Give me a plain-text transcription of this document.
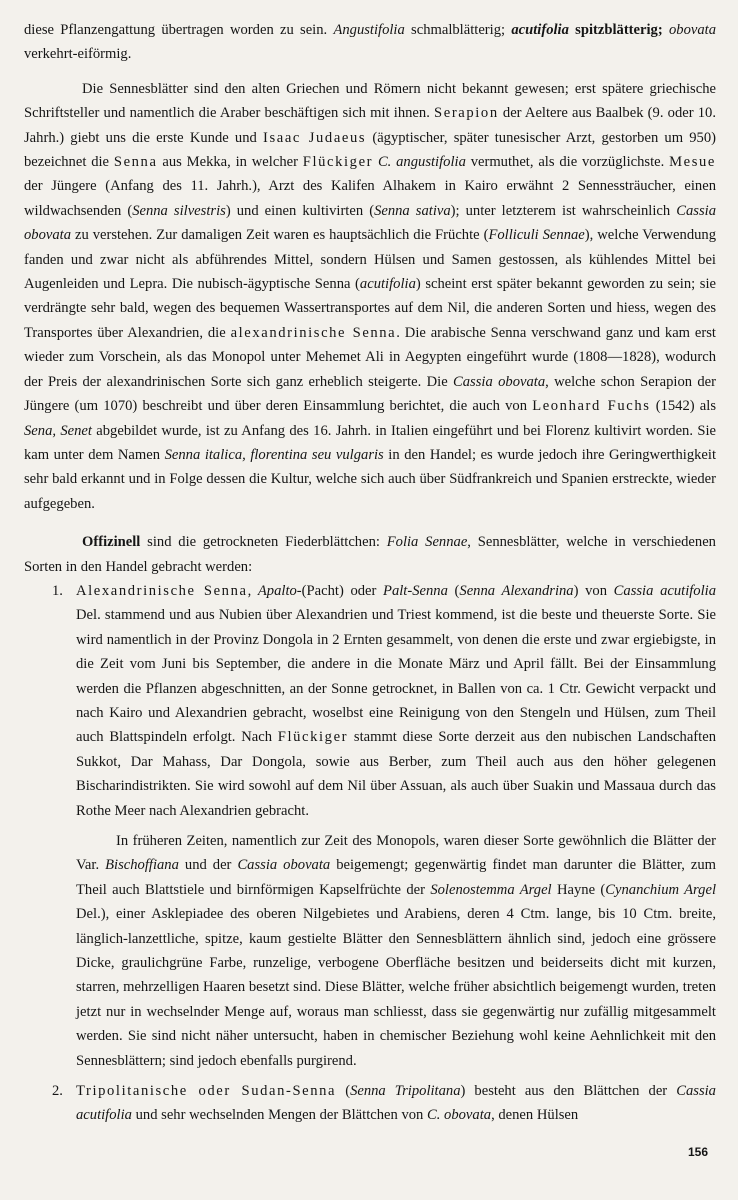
diese Pflanzengattung übertragen worden zu sein. Angustifolia schmalblätterig; acutifolia spitzblätterig; obovata verkehrt-eiförmig.

Die Sennesblätter sind den alten Griechen und Römern nicht bekannt gewesen; erst spätere griechische Schriftsteller und namentlich die Araber beschäftigen sich mit ihnen. Serapion der Aeltere aus Baalbek (9. oder 10. Jahrh.) giebt uns die erste Kunde und Isaac Judaeus (ägyptischer, später tunesischer Arzt, gestorben um 950) bezeichnet die Senna aus Mekka, in welcher Flückiger C. angustifolia vermuthet, als die vorzüglichste. Mesue der Jüngere (Anfang des 11. Jahrh.), Arzt des Kalifen Alhakem in Kairo erwähnt 2 Sennessträucher, einen wildwachsenden (Senna silvestris) und einen kultivirten (Senna sativa); unter letzterem ist wahrscheinlich Cassia obovata zu verstehen. Zur damaligen Zeit waren es hauptsächlich die Früchte (Folliculi Sennae), welche Verwendung fanden und zwar nicht als abführendes Mittel, sondern Hülsen und Samen gestossen, als kühlendes Mittel bei Augenleiden und Lepra. Die nubisch-ägyptische Senna (acutifolia) scheint erst später bekannt geworden zu sein; sie verdrängte sehr bald, wegen des bequemen Wassertransportes auf dem Nil, die anderen Sorten und hiess, wegen des Transportes über Alexandrien, die alexandrinische Senna. Die arabische Senna verschwand ganz und kam erst wieder zum Vorschein, als das Monopol unter Mehemet Ali in Aegypten eingeführt wurde (1808—1828), wodurch der Preis der alexandrinischen Sorte sich ganz erheblich steigerte. Die Cassia obovata, welche schon Serapion der Jüngere (um 1070) beschreibt und über deren Einsammlung berichtet, die auch von Leonhard Fuchs (1542) als Sena, Senet abgebildet wurde, ist zu Anfang des 16. Jahrh. in Italien eingeführt und bei Florenz kultivirt worden. Sie kam unter dem Namen Senna italica, florentina seu vulgaris in den Handel; es wurde jedoch ihre Geringwerthigkeit sehr bald erkannt und in Folge dessen die Kultur, welche sich auch über Südfrankreich und Spanien erstreckte, wieder aufgegeben.

Offizinell sind die getrockneten Fiederblättchen: Folia Sennae, Sennesblätter, welche in verschiedenen Sorten in den Handel gebracht werden:

1. Alexandrinische Senna, Apalto-(Pacht) oder Palt-Senna (Senna Alexandrina) von Cassia acutifolia Del. stammend und aus Nubien über Alexandrien und Triest kommend, ist die beste und theuerste Sorte. Sie wird namentlich in der Provinz Dongola in 2 Ernten gesammelt, von denen die erste und zwar ergiebigste, in die Zeit vom Juni bis September, die andere in die Monate März und April fällt. Bei der Einsammlung werden die Pflanzen abgeschnitten, an der Sonne getrocknet, in Ballen von ca. 1 Ctr. Gewicht verpackt und nach Kairo und Alexandrien gebracht, woselbst eine Reinigung von den Stengeln und Hülsen, zum Theil auch Blattspindeln erfolgt. Nach Flückiger stammt diese Sorte derzeit aus den nubischen Landschaften Sukkot, Dar Mahass, Dar Dongola, sowie aus Berber, zum Theil auch aus den höher gelegenen Bischarindistrikten. Sie wird sowohl auf dem Nil über Assuan, als auch über Suakin und Massaua durch das Rothe Meer nach Alexandrien gebracht.

In früheren Zeiten, namentlich zur Zeit des Monopols, waren dieser Sorte gewöhnlich die Blätter der Var. Bischoffiana und der Cassia obovata beigemengt; gegenwärtig findet man darunter die Blätter, zum Theil auch Blattstiele und birnförmigen Kapselfrüchte der Solenostemma Argel Hayne (Cynanchium Argel Del.), einer Asklepiadee des oberen Nilgebietes und Arabiens, deren 4 Ctm. lange, bis 10 Ctm. breite, länglich-lanzettliche, spitze, kaum gestielte Blätter den Sennesblättern ähnlich sind, jedoch eine grössere Dicke, graulichgrüne Farbe, runzelige, verbogene Oberfläche besitzen und beiderseits dicht mit kurzen, starren, mehrzelligen Haaren besetzt sind. Diese Blätter, welche früher absichtlich beigemengt wurden, treten jetzt nur in wechselnder Menge auf, woraus man schliesst, dass sie gegenwärtig nur zufällig mitgesammelt werden. Sie sind nicht näher untersucht, haben in chemischer Beziehung wohl keine Aehnlichkeit mit den Sennesblättern; sind jedoch ebenfalls purgirend.

2. Tripolitanische oder Sudan-Senna (Senna Tripolitana) besteht aus den Blättchen der Cassia acutifolia und sehr wechselnden Mengen der Blättchen von C. obovata, denen Hülsen

156
